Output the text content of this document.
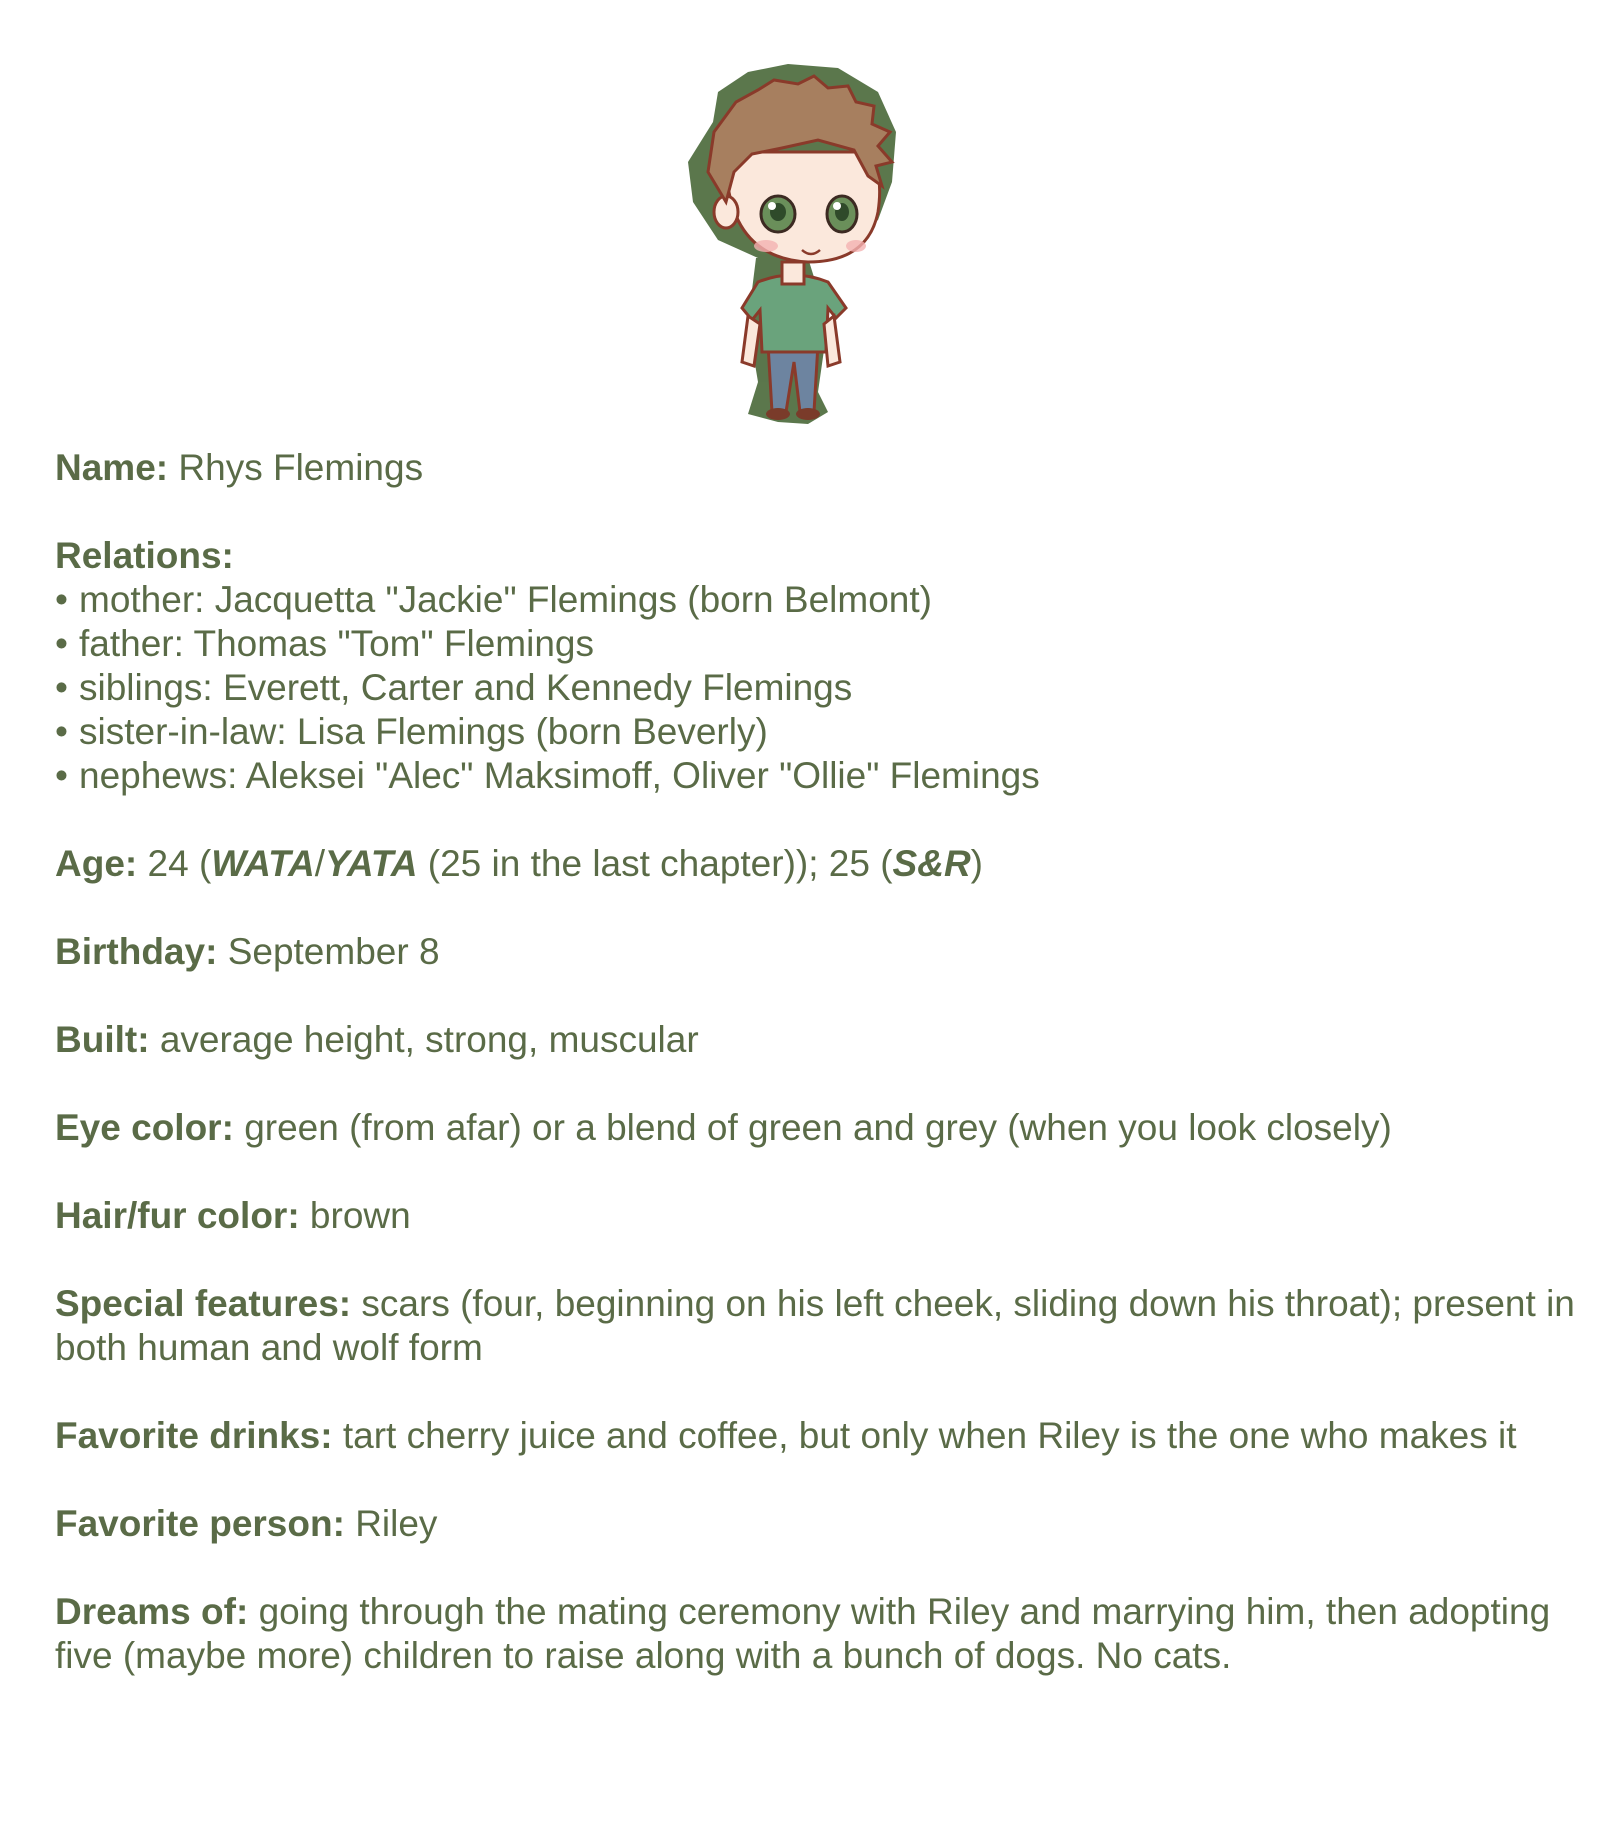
Name: Rhys Flemings
Relations:
• mother: Jacquetta "Jackie" Flemings (born Belmont)
• father: Thomas "Tom" Flemings
• siblings: Everett, Carter and Kennedy Flemings
• sister-in-law: Lisa Flemings (born Beverly)
• nephews: Aleksei "Alec" Maksimoff, Oliver "Ollie" Flemings
Age: 24 (WATA/YATA (25 in the last chapter)); 25 (S&R)
Birthday: September 8
Built: average height, strong, muscular
Eye color: green (from afar) or a blend of green and grey (when you look closely)
Hair/fur color: brown
Special features: scars (four, beginning on his left cheek, sliding down his throat); present in both human and wolf form
Favorite drinks: tart cherry juice and coffee, but only when Riley is the one who makes it
Favorite person: Riley
Dreams of: going through the mating ceremony with Riley and marrying him, then adopting five (maybe more) children to raise along with a bunch of dogs. No cats.
